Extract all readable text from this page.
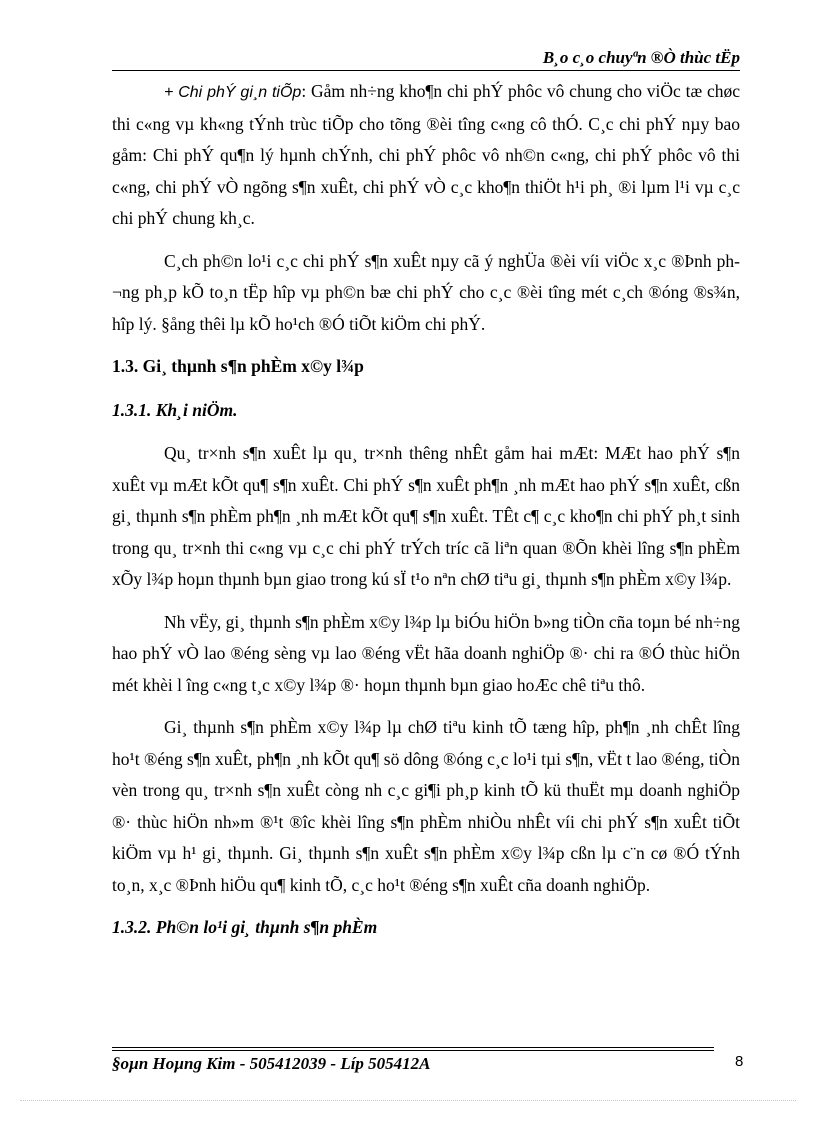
B¸o c¸o chuyªn ®Ò thùc tËp

+ Chi phÝ gi¸n tiÕp: Gåm nh÷ng kho¶n chi phÝ phôc vô chung cho viÖc tæ chøc thi c«ng vµ kh«ng tÝnh trùc tiÕp cho tõng ®èi tîng c«ng cô thÓ. C¸c chi phÝ nµy bao gåm: Chi phÝ qu¶n lý hµnh chÝnh, chi phÝ phôc vô nh©n c«ng, chi phÝ phôc vô thi c«ng, chi phÝ vÒ ngõng s¶n xuÊt, chi phÝ vÒ c¸c kho¶n thiÖt h¹i ph¸ ®i lµm l¹i vµ c¸c chi phÝ chung kh¸c.

C¸ch ph©n lo¹i c¸c chi phÝ s¶n xuÊt nµy cã ý nghÜa ®èi víi viÖc x¸c ®Þnh ph¬ng ph¸p kÕ to¸n tËp hîp vµ ph©n bæ chi phÝ cho c¸c ®èi tîng mét c¸ch ®óng ®s¾n, hîp lý. §ång thêi lµ kÕ ho¹ch ®Ó tiÕt kiÖm chi phÝ.

1.3. Gi¸ thµnh s¶n phÈm x©y l¾p
1.3.1. Kh¸i niÖm.

Qu¸ tr×nh s¶n xuÊt lµ qu¸ tr×nh thêng nhÊt gåm hai mÆt: MÆt hao phÝ s¶n xuÊt vµ mÆt kÕt qu¶ s¶n xuÊt. Chi phÝ s¶n xuÊt ph¶n ¸nh mÆt hao phÝ s¶n xuÊt, cßn gi¸ thµnh s¶n phÈm ph¶n ¸nh mÆt kÕt qu¶ s¶n xuÊt. TÊt c¶ c¸c kho¶n chi phÝ ph¸t sinh trong qu¸ tr×nh thi c«ng vµ c¸c chi phÝ trÝch tríc cã liªn quan ®Õn khèi lîng s¶n phÈm xÕy l¾p hoµn thµnh bµn giao trong kú sÏ t¹o nªn chØ tiªu gi¸ thµnh s¶n phÈm x©y l¾p.

Nh vËy, gi¸ thµnh s¶n phÈm x©y l¾p lµ biÓu hiÖn b»ng tiÒn cña toµn bé nh÷ng hao phÝ vÒ lao ®éng sèng vµ lao ®éng vËt hãa doanh nghiÖp ®· chi ra ®Ó thùc hiÖn mét khèi l îng c«ng t¸c x©y l¾p ®· hoµn thµnh bµn giao hoÆc chê tiªu thô.

Gi¸ thµnh s¶n phÈm x©y l¾p lµ chØ tiªu kinh tÕ tæng hîp, ph¶n ¸nh chÊt lîng ho¹t ®éng s¶n xuÊt, ph¶n ¸nh kÕt qu¶ sö dông ®óng c¸c lo¹i tµi s¶n, vËt t lao ®éng, tiÒn vèn trong qu¸ tr×nh s¶n xuÊt còng nh c¸c gi¶i ph¸p kinh tÕ kü thuËt mµ doanh nghiÖp ®· thùc hiÖn nh»m ®¹t ®îc khèi lîng s¶n phÈm nhiÒu nhÊt víi chi phÝ s¶n xuÊt tiÕt kiÖm vµ h¹ gi¸ thµnh. Gi¸ thµnh s¶n xuÊt s¶n phÈm x©y l¾p cßn lµ c¨n cø ®Ó tÝnh to¸n, x¸c ®Þnh hiÖu qu¶ kinh tÕ, c¸c ho¹t ®éng s¶n xuÊt cña doanh nghiÖp.

1.3.2. Ph©n lo¹i gi¸ thµnh s¶n phÈm
§oµn Hoµng Kim - 505412039 - Líp 505412A	8
